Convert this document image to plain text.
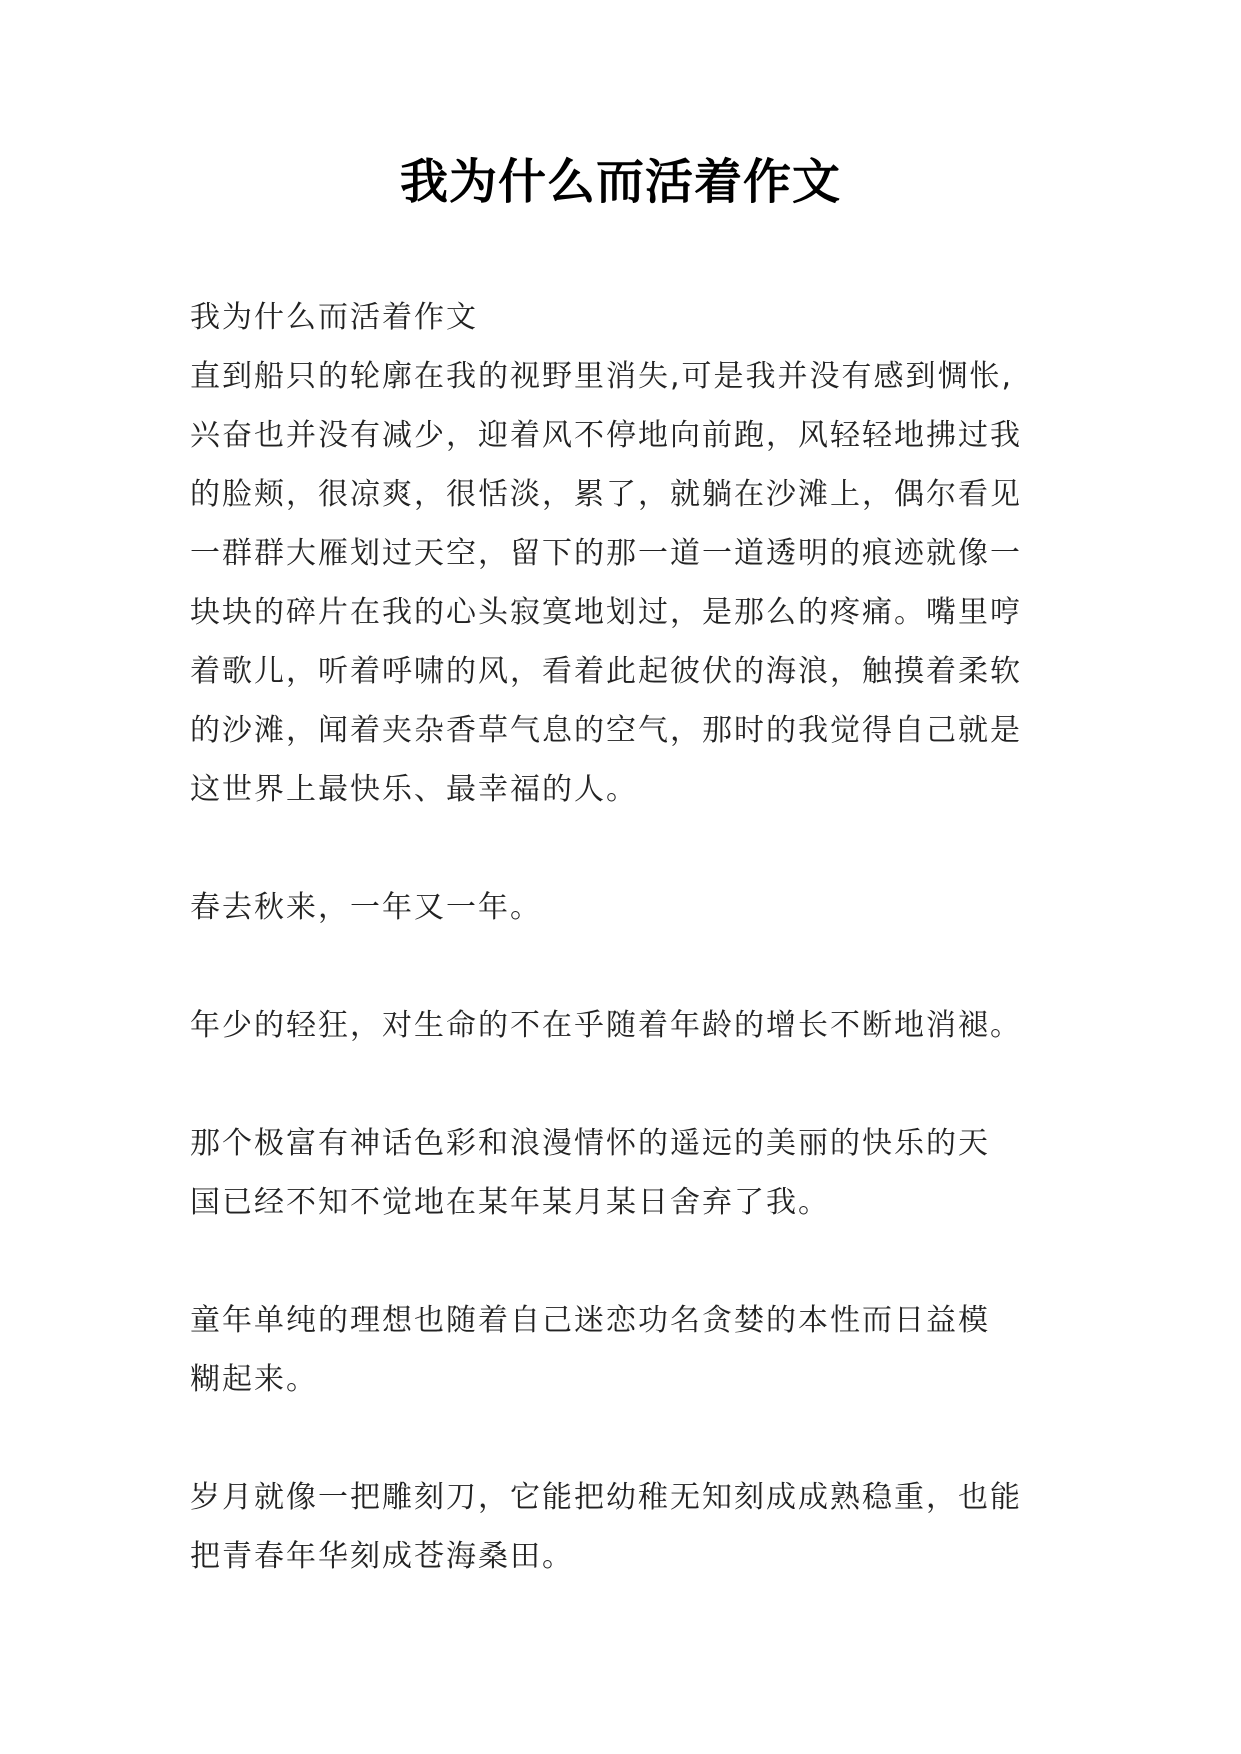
我为什么而活着作文
我为什么而活着作文
直到船只的轮廓在我的视野里消失,可是我并没有感到惆怅,
兴奋也并没有减少，迎着风不停地向前跑，风轻轻地拂过我
的脸颊，很凉爽，很恬淡，累了，就躺在沙滩上，偶尔看见
一群群大雁划过天空，留下的那一道一道透明的痕迹就像一
块块的碎片在我的心头寂寞地划过，是那么的疼痛。嘴里哼
着歌儿，听着呼啸的风，看着此起彼伏的海浪，触摸着柔软
的沙滩，闻着夹杂香草气息的空气，那时的我觉得自己就是
这世界上最快乐、最幸福的人。
春去秋来，一年又一年。
年少的轻狂，对生命的不在乎随着年龄的增长不断地消褪。
那个极富有神话色彩和浪漫情怀的遥远的美丽的快乐的天
国已经不知不觉地在某年某月某日舍弃了我。
童年单纯的理想也随着自己迷恋功名贪婪的本性而日益模
糊起来。
岁月就像一把雕刻刀，它能把幼稚无知刻成成熟稳重，也能
把青春年华刻成苍海桑田。
